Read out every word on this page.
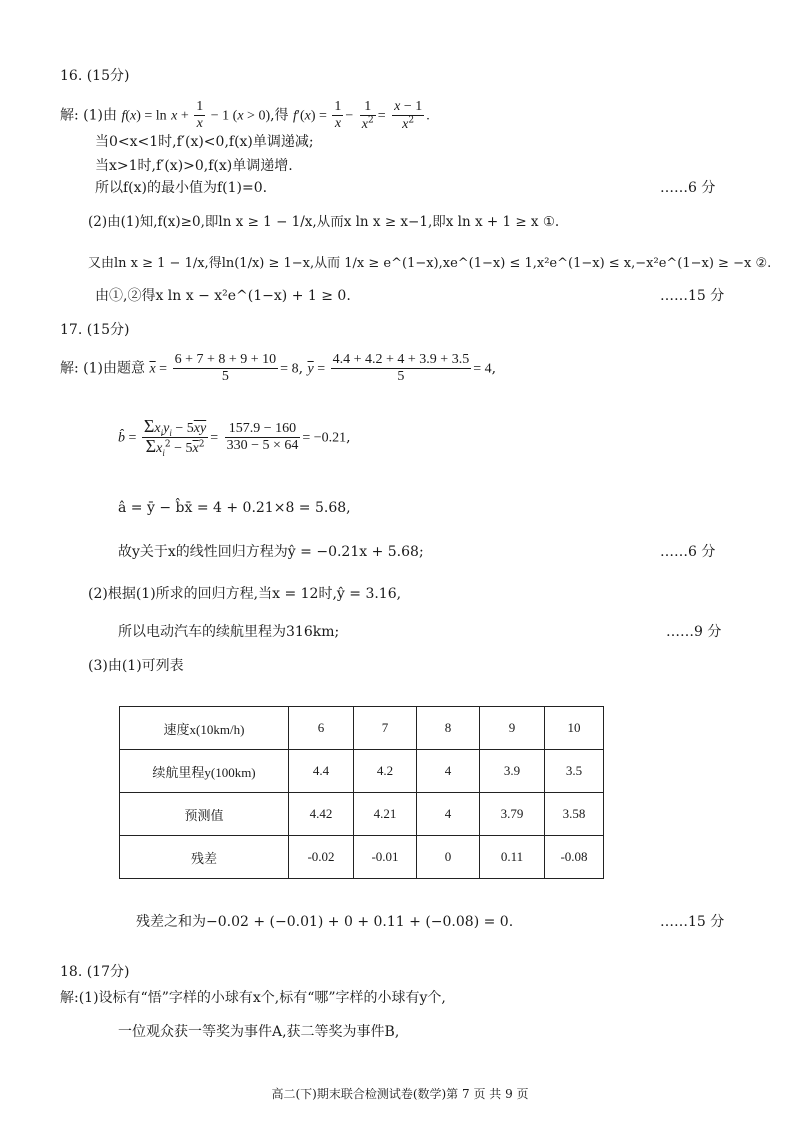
16. (15分)
解: (1)由 $f(x) = \ln x + \frac{1}{x} - 1$ (x > 0),得 $f'(x) = \frac{1}{x} - \frac{1}{x^2} = \frac{x - 1}{x^2}$ .
当0<x<1时,f′(x)<0,f(x)单调递减;
当x>1时,f′(x)>0,f(x)单调递增.
所以f(x)的最小值为f(1)=0.	……6 分
(2)由(1)知,f(x)≥0,即ln x ≥ 1 − 1/x,从而x ln x ≥ x−1,即x ln x + 1 ≥ x ①.
又由ln x ≥ 1 − 1/x,得ln(1/x) ≥ 1−x,从而 1/x ≥ e^(1−x),xe^(1−x) ≤ 1,x²e^(1−x) ≤ x,−x²e^(1−x) ≥ −x ②.
由①,②得x ln x − x²e^(1−x) + 1 ≥ 0.	……15 分
17. (15分)
解: (1)由题意 $\overline{x} = \frac{6 + 7 + 8 + 9 + 10}{5} = 8$, $\overline{y} = \frac{4.4 + 4.2 + 4 + 3.9 + 3.5}{5} = 4$,
b̂ = $\frac{\Sigma x_iy_i - 5\overline{xy}}{\Sigma x_i^2 - 5\overline{x}^2} = \frac{157.9 - 160}{330 - 5 \times 64} = -0.21$,
â = ȳ − b̂x̄ = 4 + 0.21×8 = 5.68,
故y关于x的线性回归方程为ŷ = −0.21x + 5.68;	……6 分
(2)根据(1)所求的回归方程,当x = 12时,ŷ = 3.16,
所以电动汽车的续航里程为316km;	……9 分
(3)由(1)可列表
速度x(10km/h)	6	7	8	9	10
续航里程y(100km)	4.4	4.2	4	3.9	3.5
预测值	4.42	4.21	4	3.79	3.58
残差	-0.02	-0.01	0	0.11	-0.08
残差之和为−0.02 + (−0.01) + 0 + 0.11 + (−0.08) = 0.	……15 分
18. (17分)
解:(1)设标有“悟”字样的小球有x个,标有“哪”字样的小球有y个,
一位观众获一等奖为事件A,获二等奖为事件B,
高二(下)期末联合检测试卷(数学)第 7 页 共 9 页
